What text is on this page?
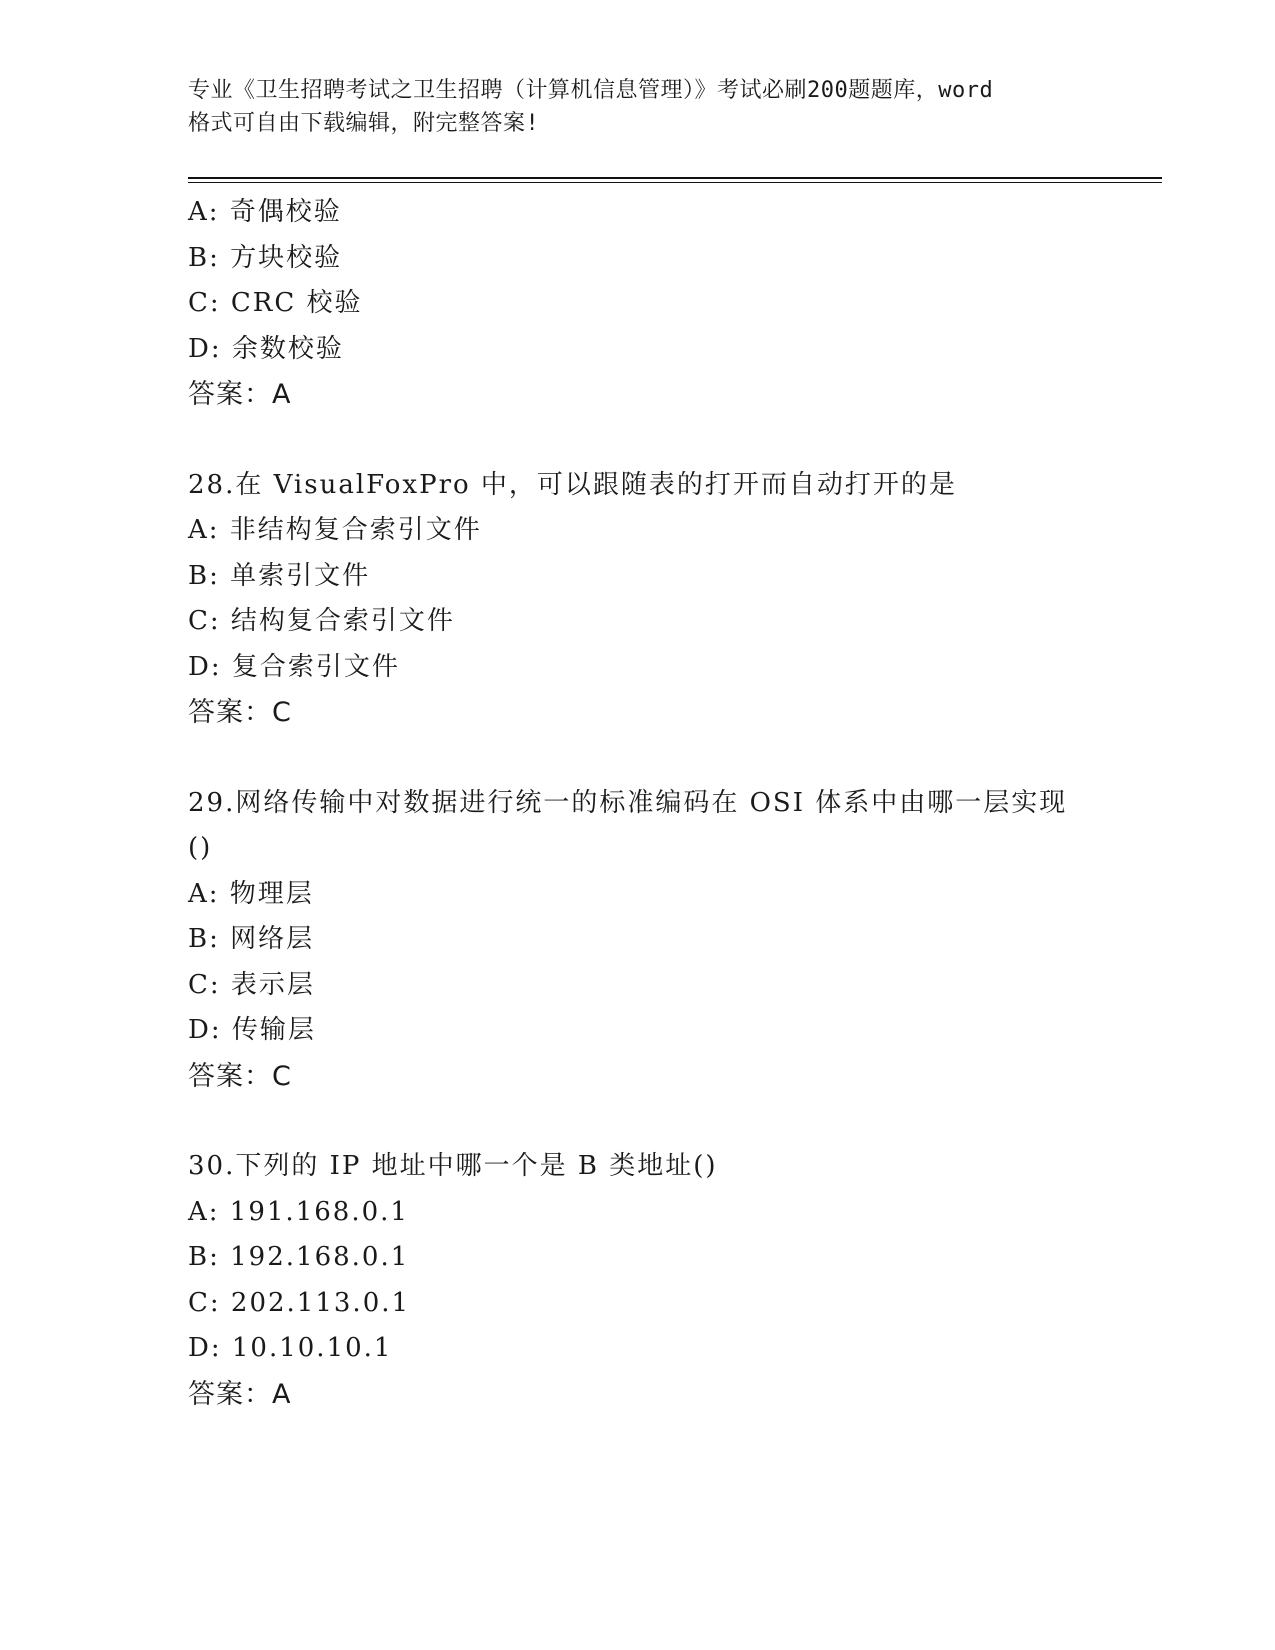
专业《卫生招聘考试之卫生招聘（计算机信息管理）》考试必刷200题题库，word
格式可自由下载编辑，附完整答案!
A: 奇偶校验
B: 方块校验
C: CRC 校验
D: 余数校验
答案：A
28.在 VisualFoxPro 中，可以跟随表的打开而自动打开的是
A: 非结构复合索引文件
B: 单索引文件
C: 结构复合索引文件
D: 复合索引文件
答案：C
29.网络传输中对数据进行统一的标准编码在 OSI 体系中由哪一层实现
()
A: 物理层
B: 网络层
C: 表示层
D: 传输层
答案：C
30.下列的 IP 地址中哪一个是 B 类地址()
A: 191.168.0.1
B: 192.168.0.1
C: 202.113.0.1
D: 10.10.10.1
答案：A
